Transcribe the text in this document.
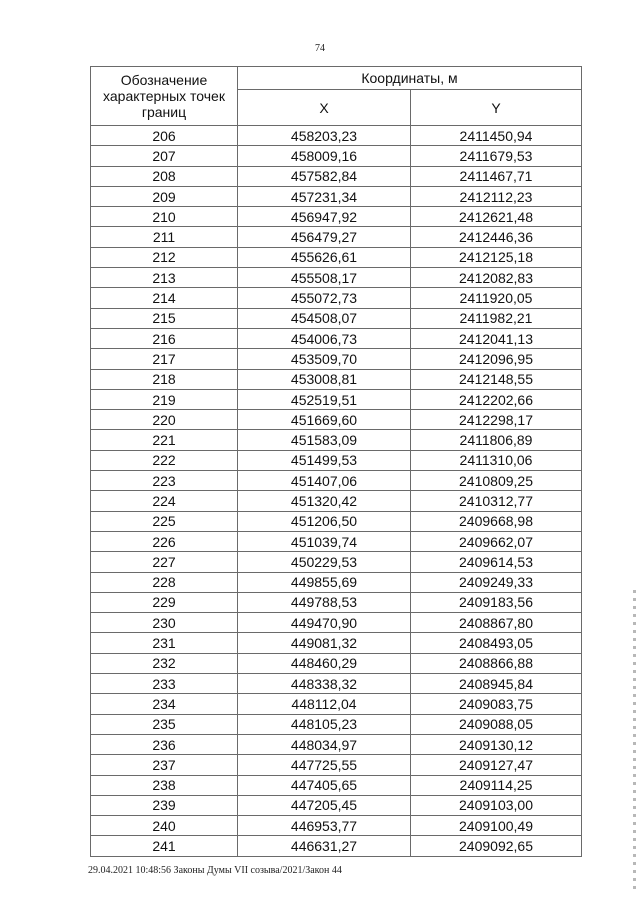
74
Обозначение характерных точек границ	Координаты, м	
	X	Y
206	458203,23	2411450,94
207	458009,16	2411679,53
208	457582,84	2411467,71
209	457231,34	2412112,23
210	456947,92	2412621,48
211	456479,27	2412446,36
212	455626,61	2412125,18
213	455508,17	2412082,83
214	455072,73	2411920,05
215	454508,07	2411982,21
216	454006,73	2412041,13
217	453509,70	2412096,95
218	453008,81	2412148,55
219	452519,51	2412202,66
220	451669,60	2412298,17
221	451583,09	2411806,89
222	451499,53	2411310,06
223	451407,06	2410809,25
224	451320,42	2410312,77
225	451206,50	2409668,98
226	451039,74	2409662,07
227	450229,53	2409614,53
228	449855,69	2409249,33
229	449788,53	2409183,56
230	449470,90	2408867,80
231	449081,32	2408493,05
232	448460,29	2408866,88
233	448338,32	2408945,84
234	448112,04	2409083,75
235	448105,23	2409088,05
236	448034,97	2409130,12
237	447725,55	2409127,47
238	447405,65	2409114,25
239	447205,45	2409103,00
240	446953,77	2409100,49
241	446631,27	2409092,65
29.04.2021 10:48:56 Законы Думы VII созыва/2021/Закон 44
